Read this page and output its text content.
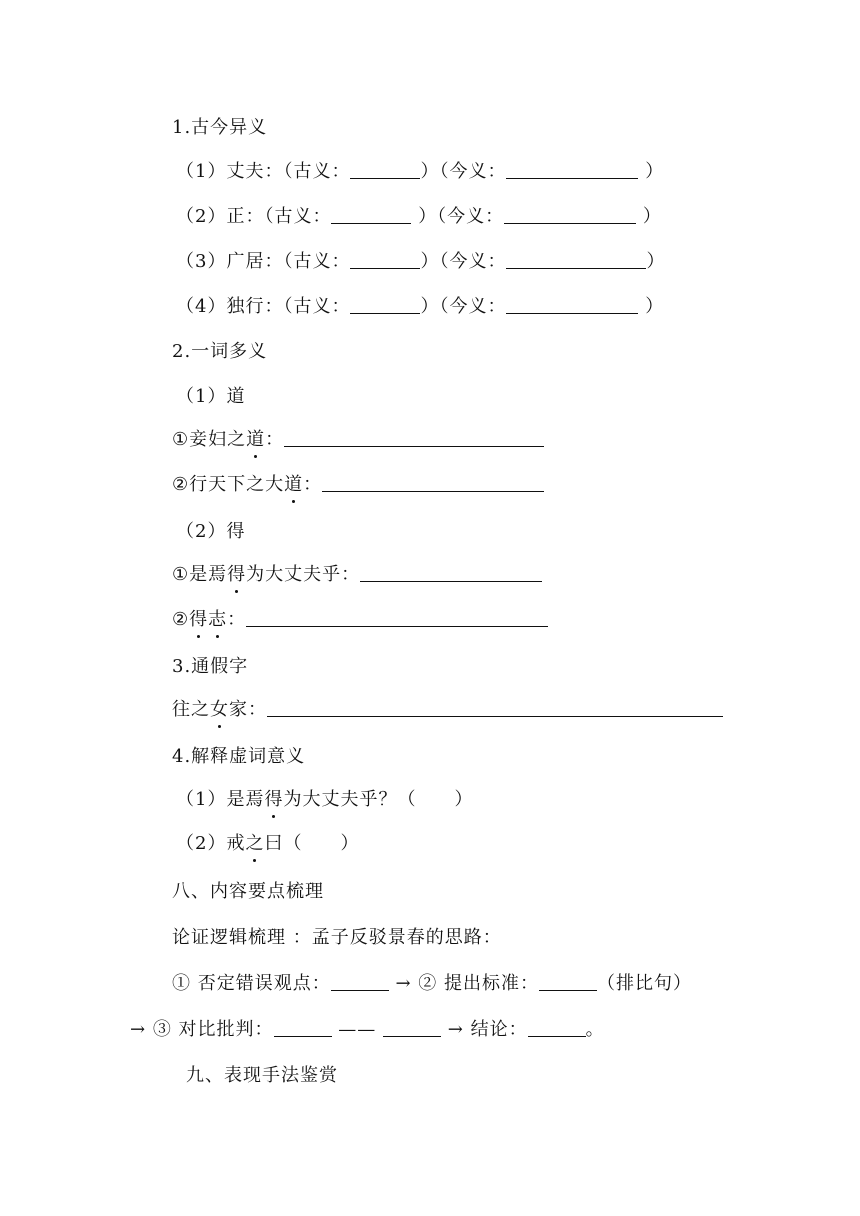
1.古今异义
（1）丈夫：（古义：	）（今义：	）
（2）正：（古义：	）（今义：	）
（3）广居：（古义：	）（今义：	）
（4）独行：（古义：	）（今义：	）
2.一词多义
（1）道
①妾妇之道：
②行天下之大道：
（2）得
①是焉得为大丈夫乎：
②得志：
3.通假字
往之女家：
4.解释虚词意义
（1）是焉得为大丈夫乎？（　　）
（2）戒之曰（　　）
八、内容要点梳理
论证逻辑梳理 ：孟子反驳景春的思路：
① 否定错误观点：	→ ② 提出标准：	（排比句）
→ ③ 对比批判：	——	→ 结论：	。
九、表现手法鉴赏
